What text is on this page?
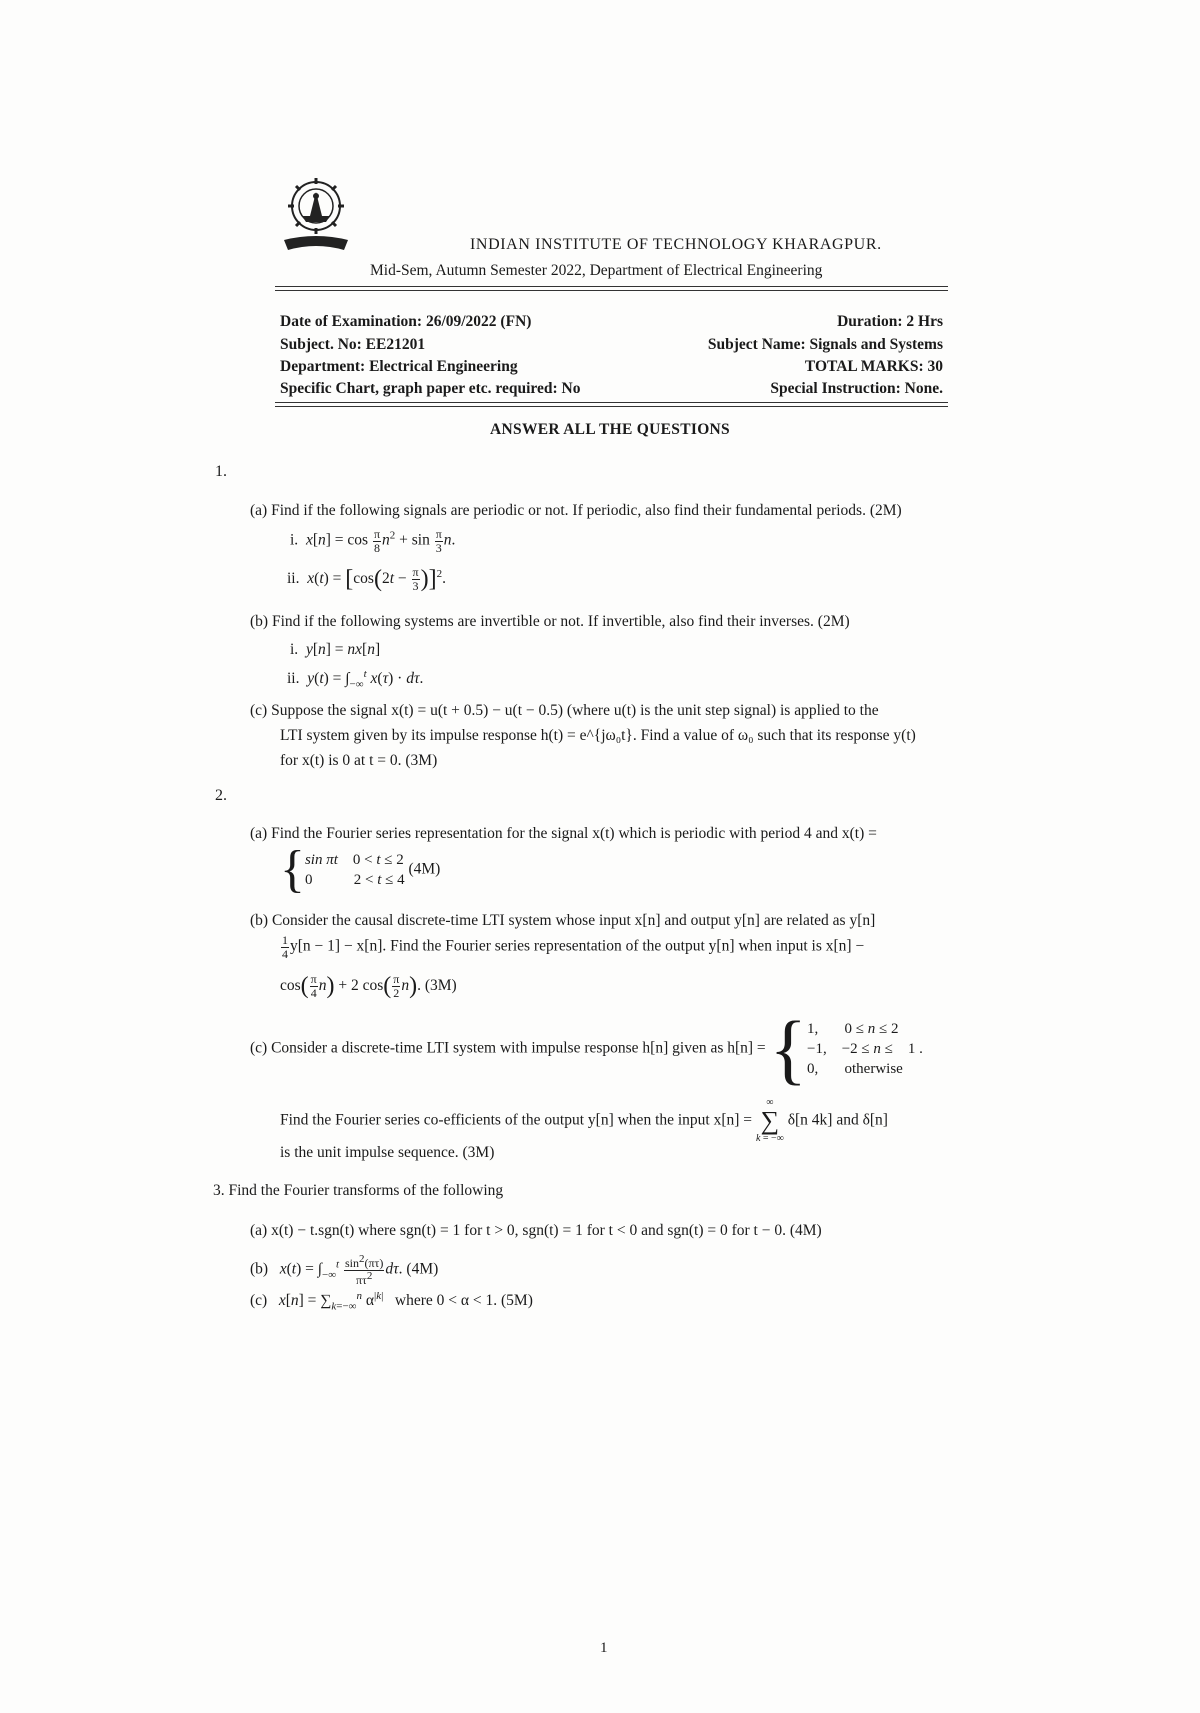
INDIAN INSTITUTE OF TECHNOLOGY KHARAGPUR.
Mid-Sem, Autumn Semester 2022, Department of Electrical Engineering
Date of Examination: 26/09/2022 (FN)
Subject. No: EE21201
Department: Electrical Engineering
Specific Chart, graph paper etc. required: No
Duration: 2 Hrs
Subject Name: Signals and Systems
TOTAL MARKS: 30
Special Instruction: None.
ANSWER ALL THE QUESTIONS
1.
(a) Find if the following signals are periodic or not. If periodic, also find their fundamental periods. (2M)
i. $x[n] = \cos \frac{\pi}{8} n^2 + \sin \frac{\pi}{3} n$.
ii. $x(t) = [\cos(2t - \frac{\pi}{3} )]^2$.
(b) Find if the following systems are invertible or not. If invertible, also find their inverses. (2M)
i. y[n] = nx[n]
ii. $y(t) = \int_{-\infty}^t$ x(τ) · dτ.
(c) Suppose the signal x(t) = u(t + 0.5) − u(t − 0.5) (where u(t) is the unit step signal) is applied to the
LTI system given by its impulse response h(t) = e^{jω₀t}. Find a value of ω₀ such that its response y(t)
for x(t) is 0 at t = 0. (3M)
2.
(a) Find the Fourier series representation for the signal x(t) which is periodic with period 4 and x(t) =
{sin πt    0 < t ≤ 2
0           2 < t ≤ 4 (4M)
(b) Consider the causal discrete-time LTI system whose input x[n] and output y[n] are related as y[n]
$\frac{1}{4} y[n - 1] - x[n]$. Find the Fourier series representation of the output y[n] when input is x[n] −
$\cos( \frac{\pi}{4} n) + 2$ $\cos( \frac{\pi}{2} n)$. (3M)
(c) Consider a discrete-time LTI system with impulse response h[n] given as h[n] = {1,       0 ≤ n ≤ 2
−1,    −2 ≤ n ≤    1 .
0,       otherwise
Find the Fourier series co-efficients of the output y[n] when the input x[n] = ∞
∑
k = −∞ δ[n 4k] and δ[n]
is the unit impulse sequence. (3M)
3. Find the Fourier transforms of the following
(a) x(t) − t.sgn(t) where sgn(t) = 1 for t > 0, sgn(t) = 1 for t < 0 and sgn(t) = 0 for t − 0. (4M)
(b) $x(t) = \int_{-\infty}^t \frac{\sin^2(\pi\tau)}{\pi\tau^2} d\tau$. (4M)
(c) $x[n] = \sum_{k=-\infty}^n$ $\alpha^{|k|}$ where 0 < α < 1. (5M)
1
